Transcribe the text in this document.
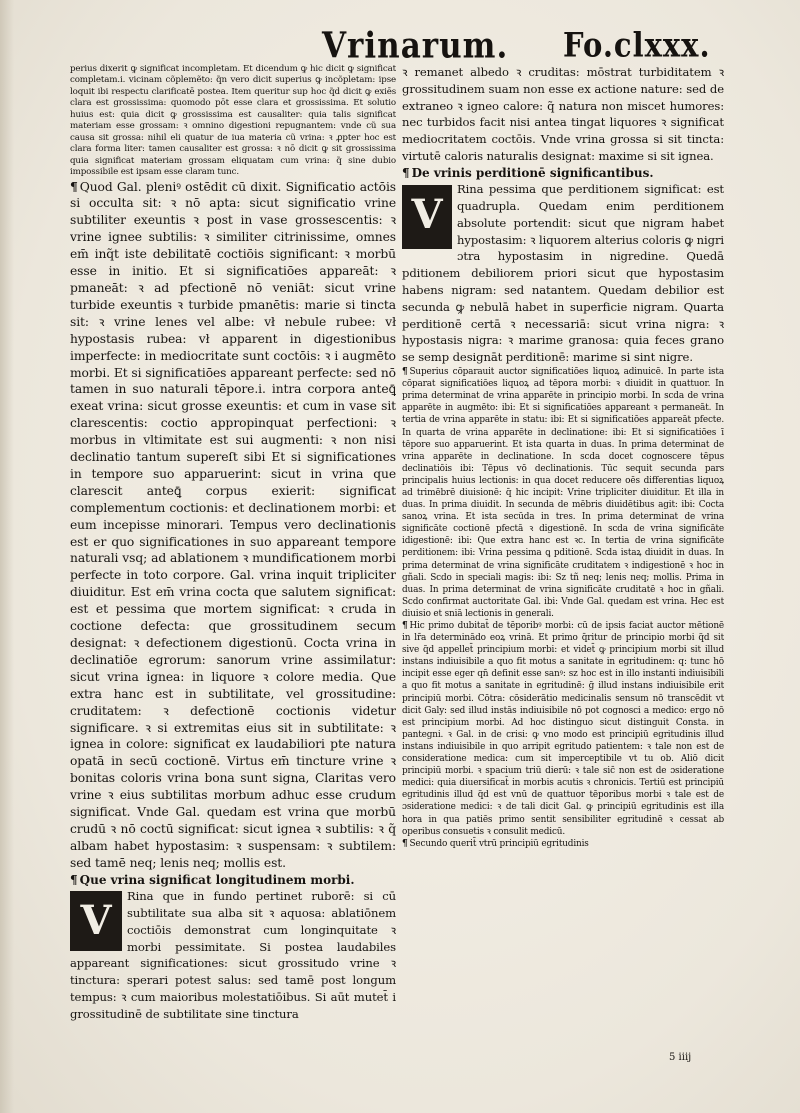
Vrinarum. Fo.clxxx.

perius dixerit ꝙ significat incompletam. Et dicendum ꝙ hic dicit ꝙ significat completam.i. vicinam cõplemẽto: q̃n vero dicit superius ꝙ incõpletam: ipse loquit ibi respectu clarificatē postea. Item queritur sup hoc q̃d dicit ꝙ exiēs clara est grossissima: quomodo pōt esse clara et grossissima. Et solutio huius est: quia dicit ꝙ grossissima est causaliter: quia talis significat materiam esse grossam: ꝛ omnino digestioni repugnantem: vnde cũ sua causa sit grossa: nihil eli quatur de iua materia cũ vrina: ꝛ ꝓpter hoc est clara forma liter: tamen causaliter est grossa: ꝛ nō dicit ꝙ sit grossissima quia significat materiam grossam eliquatam cum vrina: q̃ sine dubio impossibile est ipsam esse claram tunc.

¶ Quod Gal. pleniꝰ ostēdit cū dixit. Significatio actōis si occulta sit: ꝛ nō apta: sicut significatio vrine subtiliter exeuntis ꝛ post in vase grossescentis: ꝛ vrine ignee subtilis: ꝛ similiter citrinissime, omnes em̄ inq̃t iste debilitatē coctiōis significant: ꝛ morbū esse in initio. Et si significatiōes appareāt: ꝛ pmaneāt: ꝛ ad pfectionē nō veniāt: sicut vrine turbide exeuntis ꝛ turbide pmanētis: marie si tincta sit: ꝛ vrine lenes vel albe: vł nebule rubee: vł hypostasis rubea: vł apparent in digestionibus imperfecte: in mediocritate sunt coctōis: ꝛ i augmēto morbi. Et si significatiōes appareant perfecte: sed nō tamen in suo naturali tēpore.i. intra corpora anteꝗ̄ exeat vrina: sicut grosse exeuntis: et cum in vase sit clarescentis: coctio appropinquat perfectioni: ꝛ morbus in vltimitate est sui augmenti: ꝛ non nisi declinatio tantum supereſt sibi Et si significationes in tempore suo apparuerint: sicut in vrina que clarescit anteꝗ̄ corpus exierit: significat complementum coctionis: et declinationem morbi: et eum incepisse minorari. Tempus vero declinationis est er quo significationes in suo appareant tempore naturali vsq; ad ablationem ꝛ mundificationem morbi perfecte in toto corpore. Gal. vrina inquit tripliciter diuiditur. Est em̄ vrina cocta que salutem significat: est et pessima que mortem significat: ꝛ cruda in coctione defecta: que grossitudinem secum designat: ꝛ defectionem digestionū. Cocta vrina in declinatiōe egrorum: sanorum vrine assimilatur: sicut vrina ignea: in liquore ꝛ colore media. Que extra hanc est in subtilitate, vel grossitudine: cruditatem: ꝛ defectionē coctionis videtur significare. ꝛ si extremitas eius sit in subtilitate: ꝛ ignea in colore: significat ex laudabiliori pte natura opatā in secū coctionē. Virtus em̄ tincture vrine ꝛ bonitas coloris vrina bona sunt signa, Claritas vero vrine ꝛ eius subtilitas morbum adhuc esse crudum significat. Vnde Gal. quedam est vrina que morbū crudū ꝛ nō coctū significat: sicut ignea ꝛ subtilis: ꝛ q̃ albam habet hypostasim: ꝛ suspensam: ꝛ subtilem: sed tamē neq; lenis neq; mollis est.

¶ Que vrina significat longitudinem morbi.

V

Rina que in fundo pertinet ruborē: si cū subtilitate sua alba sit ꝛ aquosa: ablatiōnem coctiōis demonstrat cum longinquitate ꝛ morbi pessimitate. Si postea laudabiles appareant significationes: sicut grossitudo vrine ꝛ tinctura: sperari potest salus: sed tamē post longum tempus: ꝛ cum maioribus molestatiōibus. Si aūt mutet̄ i grossitudinē de subtilitate sine tinctura

ꝛ remanet albedo ꝛ cruditas: mōstrat turbiditatem ꝛ grossitudinem suam non esse ex actione nature: sed de extraneo ꝛ igneo calore: q̃ natura non miscet humores: nec turbidos facit nisi antea tingat liquores ꝛ significat mediocritatem coctōis. Vnde vrina grossa si sit tincta: virtutē caloris naturalis designat: maxime si sit ignea.

¶ De vrinis perditionē significantibus.

V

Rina pessima que perditionem significat: est quadrupla. Quedam enim perditionem absolute portendit: sicut que nigram habet hypostasim: ꝛ liquorem alterius coloris ꝙ nigri ɔtra hypostasim in nigredine. Quedā pditionem debiliorem priori sicut que hypostasim habens nigram: sed natantem. Quedam debilior est secunda ꝙ nebulā habet in superficie nigram. Quarta perditionē certā ꝛ necessariā: sicut vrina nigra: ꝛ hypostasis nigra: ꝛ marime granosa: quia feces grano se semp designāt perditionē: marime si sint nigre.

¶ Superius cōparauit auctor significatiōes liquoꝝ adinuicē. In parte ista cōparat significatiōes liquoꝝ ad tēpora morbi: ꝛ diuidit in quattuor. In prima determinat de vrina apparēte in principio morbi. In scda de vrina apparēte in augmēto: ibi: Et si significatiōes appareant ꝛ permaneāt. In tertia de vrina apparēte in statu: ibi: Et si significatiōes appareāt pfecte. In quarta de vrina apparēte in declinatione: ibi: Et si significatiōes ī tēpore suo apparuerint. Et ista quarta in duas. In prima determinat de vrina apparēte in declinatione. In scda docet cognoscere tēpus declinatiōis ibi: Tēpus vō declinationis. Tūc sequit secunda pars principalis huius lectionis: in qua docet reducere oēs differentias liquoꝝ ad trimēbrē diuisionē: q̄ hic incipit: Vrine tripliciter diuiditur. Et illa in duas. In prima diuidit. In secunda de mēbris diuidētibus agit: ibi: Cocta sanoꝝ vrina. Et ista secūda in tres. In prima determinat de vrina significāte coctionē pfectā ꝛ digestionē. In scda de vrina significāte idigestionē: ibi: Que extra hanc est ꝛc. In tertia de vrina significāte perditionem: ibi: Vrina pessima ꝗ pditionē. Scda istaꝝ diuidit in duas. In prima determinat de vrina significāte cruditatem ꝛ indigestionē ꝛ hoc in gñali. Scdo in speciali magis: ibi: Sz tñ neq; lenis neq; mollis. Prima in duas. In prima determinat de vrina significāte cruditatē ꝛ hoc in gñali. Scdo confirmat auctoritate Gal. ibi: Vnde Gal. quedam est vrina. Hec est diuisio et sniā lectionis in generali.

¶ Hic primo dubitat̄ de tēporibꝰ morbi: cū de ipsis faciat auctor mētionē in lr̄a determinādo eoꝝ vrinā. Et primo q̄ritur de principio morbi q̃d sit sive q̃d appellet̄ principium morbi: et videt̄ ꝙ principium morbi sit illud instans indiuisibile a quo fit motus a sanitate in egritudinem: q: tunc hō incipit esse eger qn̄ definit esse sanꝰ: sz hoc est in illo instanti indiuisibili a quo fit motus a sanitate in egritudinē: ḡ illud instans indiuisibile erit principiū morbi. Cōtra: cōsiderātio medicinalis sensum nō transcēdit vt dicit Galy: sed illud instās indiuisibile nō pot cognosci a medico: ergo nō est principium morbi. Ad hoc distinguo sicut distinguit Consta. in pantegni. ꝛ Gal. in de crisi: ꝙ vno modo est principiū egritudinis illud instans indiuisibile in quo arripit egritudo patientem: ꝛ tale non est de consideratione medica: cum sit imperceptibile vt tu ob. Aliō dicit principiū morbi. ꝛ spacium triū dierū: ꝛ tale sic̄ non est de ɔsideratione medici: quia diuersificat̄ in morbis acutis ꝛ chronicis. Tertiū est principiū egritudinis illud q̃d est vnū de quattuor tēporibus morbi ꝛ tale est de ɔsideratione medici: ꝛ de tali dicit Gal. ꝙ principiū egritudinis est illa hora in qua patiēs primo sentit sensibiliter egritudinē ꝛ cessat ab operibus consuetis ꝛ consulit medicū.

¶ Secundo querit̄ vtrū principiū egritudinis

5 iiij
